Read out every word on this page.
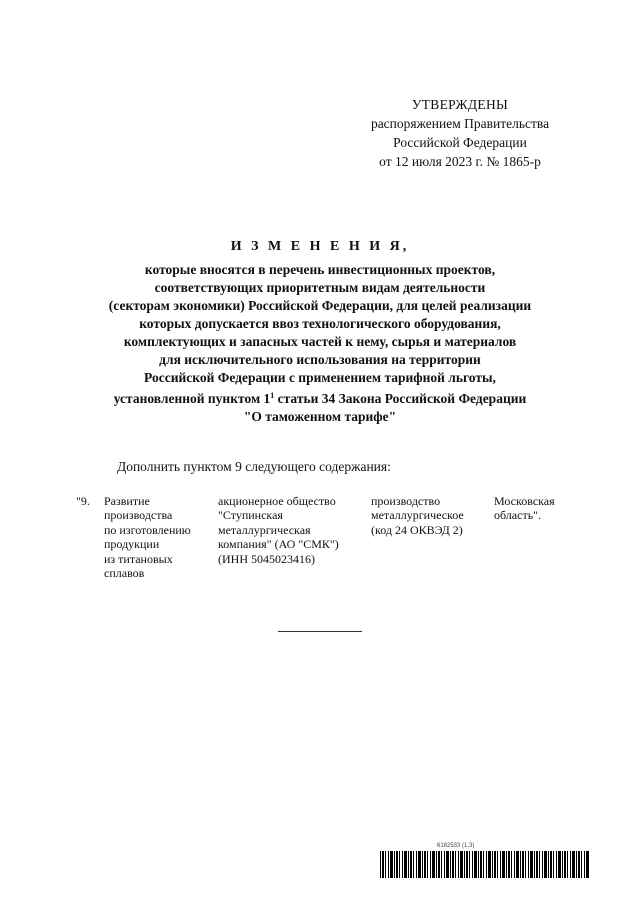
УТВЕРЖДЕНЫ
распоряжением Правительства
Российской Федерации
от 12 июля 2023 г. № 1865-р
И З М Е Н Е Н И Я,
которые вносятся в перечень инвестиционных проектов,
соответствующих приоритетным видам деятельности
(секторам экономики) Российской Федерации, для целей реализации
которых допускается ввоз технологического оборудования,
комплектующих и запасных частей к нему, сырья и материалов
для исключительного использования на территории
Российской Федерации с применением тарифной льготы,
установленной пунктом $1^1$ статьи 34 Закона Российской Федерации
"О таможенном тарифе"
Дополнить пунктом 9 следующего содержания:
"9. Развитие
производства
по изготовлению
продукции
из титановых
сплавов
акционерное общество
"Ступинская
металлургическая
компания" (АО "СМК")
(ИНН 5045023416)
производство
металлургическое
(код 24 ОКВЭД 2)
Московская
область".
6182533 (1.3)
